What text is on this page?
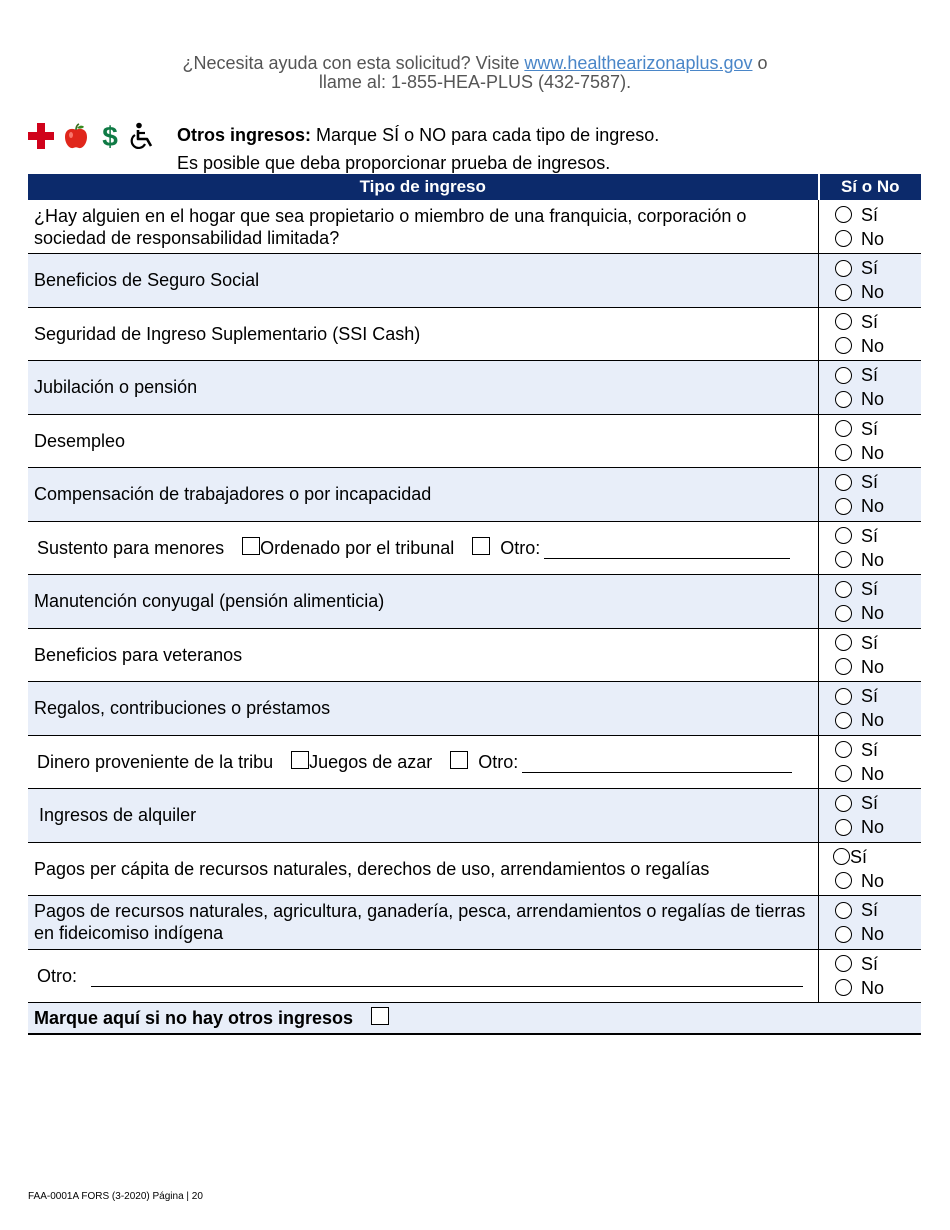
¿Necesita ayuda con esta solicitud? Visite www.healthearizonaplus.gov o
llame al: 1-855-HEA-PLUS (432-7587).
$	Otros ingresos: Marque SÍ o NO para cada tipo de ingreso.
Es posible que deba proporcionar prueba de ingresos.
Tipo de ingreso	Sí o No
¿Hay alguien en el hogar que sea propietario o miembro de una franquicia, corporación o sociedad de responsabilidad limitada?	Sí
No

Beneficios de Seguro Social	Sí
No

Seguridad de Ingreso Suplementario (SSI Cash)	Sí
No

Jubilación o pensión	Sí
No

Desempleo	Sí
No

Compensación de trabajadores o por incapacidad	Sí
No

Sustento para menores Ordenado por el tribunal Otro:	Sí
No

Manutención conyugal (pensión alimenticia)	Sí
No

Beneficios para veteranos	Sí
No

Regalos, contribuciones o préstamos	Sí
No

Dinero proveniente de la tribu Juegos de azar Otro:	Sí
No

Ingresos de alquiler	Sí
No

Pagos per cápita de recursos naturales, derechos de uso, arrendamientos o regalías	Sí
No

Pagos de recursos naturales, agricultura, ganadería, pesca, arrendamientos o regalías de tierras en fideicomiso indígena	Sí
No

Otro:	Sí
No

Marque aquí si no hay otros ingresos	
FAA-0001A FORS (3-2020) Página | 20
